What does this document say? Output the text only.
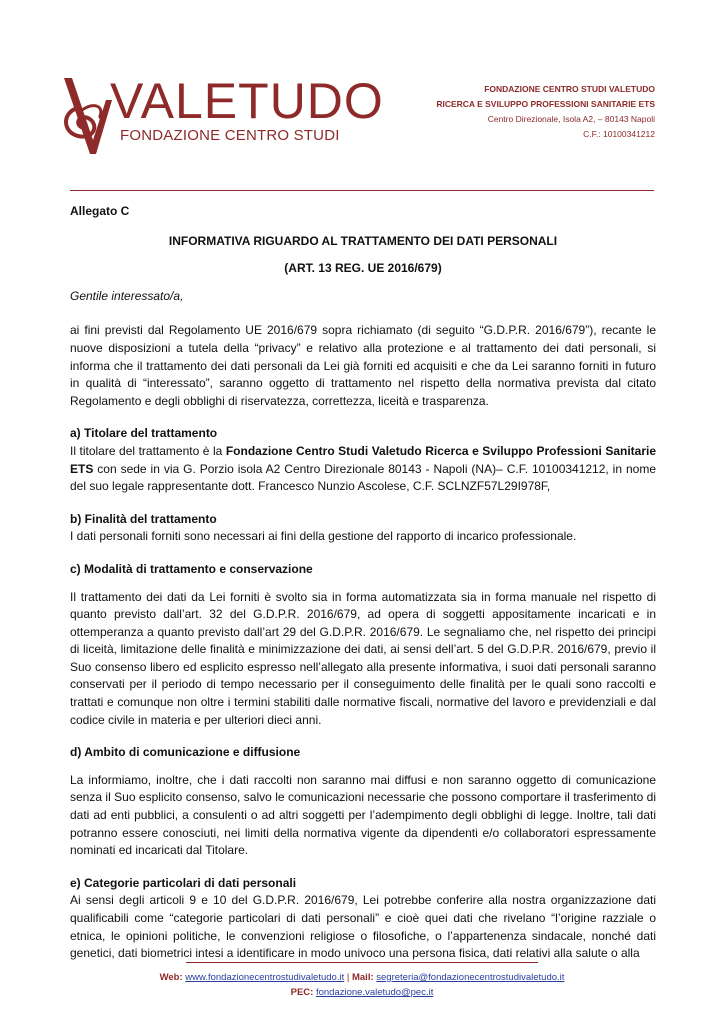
VALETUDO
FONDAZIONE CENTRO STUDI
FONDAZIONE CENTRO STUDI VALETUDO
RICERCA E SVILUPPO PROFESSIONI SANITARIE ETS
Centro Direzionale, Isola A2, – 80143 Napoli
C.F.: 10100341212

Allegato C

INFORMATIVA RIGUARDO AL TRATTAMENTO DEI DATI PERSONALI

(ART. 13 REG. UE 2016/679)

Gentile interessato/a,

ai fini previsti dal Regolamento UE 2016/679 sopra richiamato (di seguito “G.D.P.R. 2016/679”), recante le nuove disposizioni a tutela della “privacy” e relativo alla protezione e al trattamento dei dati personali, si informa che il trattamento dei dati personali da Lei già forniti ed acquisiti e che da Lei saranno forniti in futuro in qualità di “interessato”, saranno oggetto di trattamento nel rispetto della normativa prevista dal citato Regolamento e degli obblighi di riservatezza, correttezza, liceità e trasparenza.

a) Titolare del trattamento

Il titolare del trattamento è la Fondazione Centro Studi Valetudo Ricerca e Sviluppo Professioni Sanitarie ETS con sede in via G. Porzio isola A2 Centro Direzionale 80143 - Napoli (NA)– C.F. 10100341212, in nome del suo legale rappresentante dott. Francesco Nunzio Ascolese, C.F. SCLNZF57L29I978F,

b) Finalità del trattamento

I dati personali forniti sono necessari ai fini della gestione del rapporto di incarico professionale.

c) Modalità di trattamento e conservazione

Il trattamento dei dati da Lei forniti è svolto sia in forma automatizzata sia in forma manuale nel rispetto di quanto previsto dall’art. 32 del G.D.P.R. 2016/679, ad opera di soggetti appositamente incaricati e in ottemperanza a quanto previsto dall’art 29 del G.D.P.R. 2016/679. Le segnaliamo che, nel rispetto dei principi di liceità, limitazione delle finalità e minimizzazione dei dati, ai sensi dell’art. 5 del G.D.P.R. 2016/679, previo il Suo consenso libero ed esplicito espresso nell’allegato alla presente informativa, i suoi dati personali saranno conservati per il periodo di tempo necessario per il conseguimento delle finalità per le quali sono raccolti e trattati e comunque non oltre i termini stabiliti dalle normative fiscali, normative del lavoro e previdenziali e dal codice civile in materia e per ulteriori dieci anni.

d) Ambito di comunicazione e diffusione

La informiamo, inoltre, che i dati raccolti non saranno mai diffusi e non saranno oggetto di comunicazione senza il Suo esplicito consenso, salvo le comunicazioni necessarie che possono comportare il trasferimento di dati ad enti pubblici, a consulenti o ad altri soggetti per l’adempimento degli obblighi di legge. Inoltre, tali dati potranno essere conosciuti, nei limiti della normativa vigente da dipendenti e/o collaboratori espressamente nominati ed incaricati dal Titolare.

e) Categorie particolari di dati personali

Ai sensi degli articoli 9 e 10 del G.D.P.R. 2016/679, Lei potrebbe conferire alla nostra organizzazione dati qualificabili come “categorie particolari di dati personali” e cioè quei dati che rivelano “l’origine razziale o etnica, le opinioni politiche, le convenzioni religiose o filosofiche, o l’appartenenza sindacale, nonché dati genetici, dati biometrici intesi a identificare in modo univoco una persona fisica, dati relativi alla salute o alla

Web: www.fondazionecentrostudivaletudo.it | Mail: segreteria@fondazionecentrostudivaletudo.it
PEC: fondazione.valetudo@pec.it
